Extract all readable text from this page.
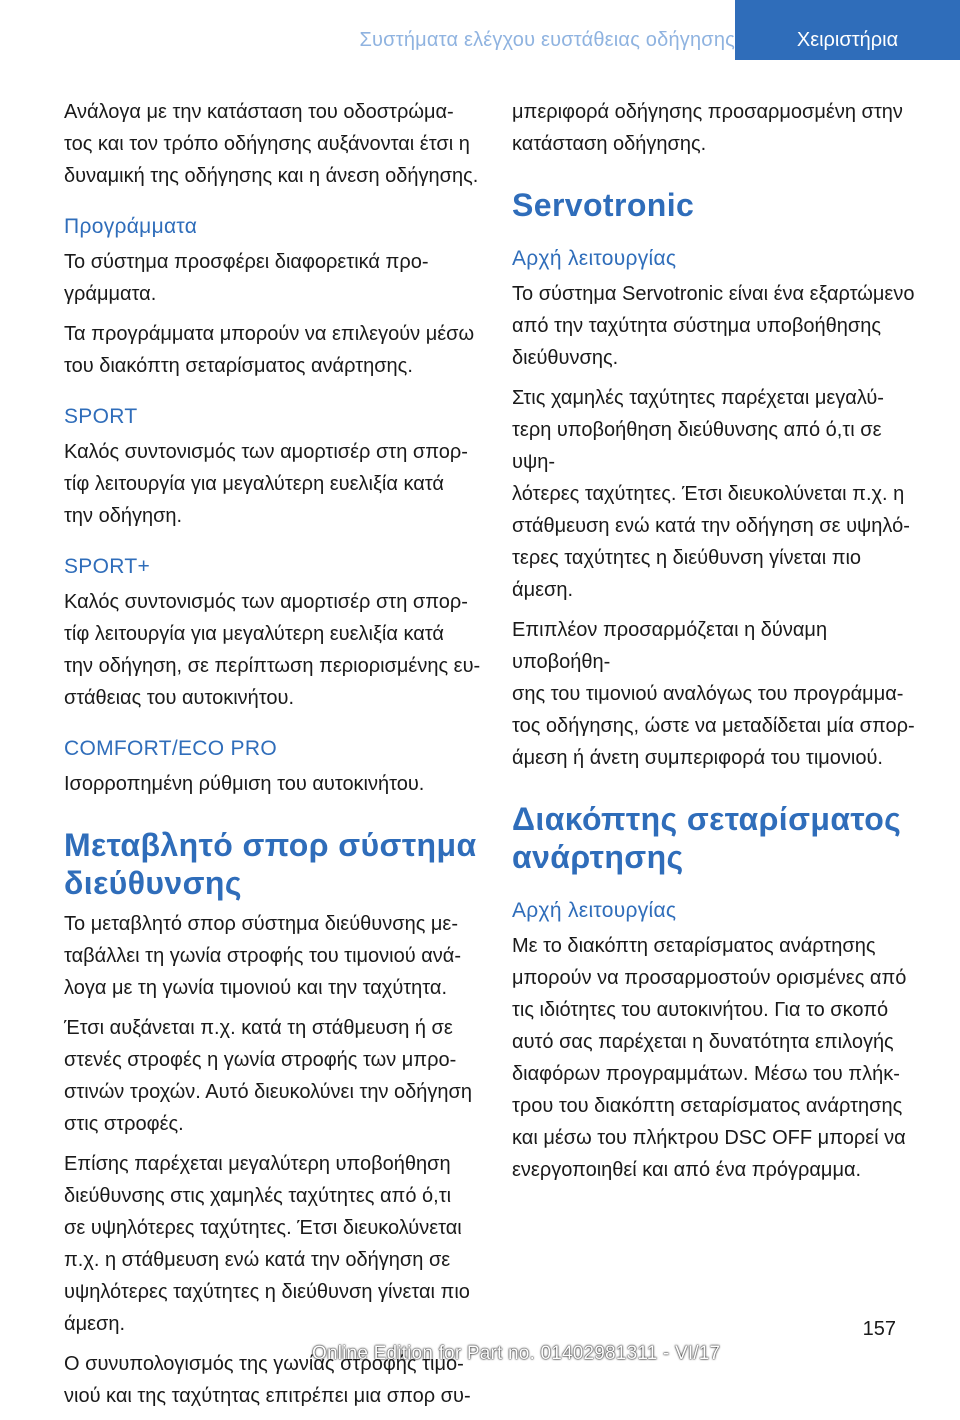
Συστήματα ελέγχου ευστάθειας οδήγησης	Χειριστήρια

Ανάλογα με την κατάσταση του οδοστρώμα-
τος και τον τρόπο οδήγησης αυξάνονται έτσι η
δυναμική της οδήγησης και η άνεση οδήγησης.

Προγράμματα

Το σύστημα προσφέρει διαφορετικά προ-
γράμματα.

Τα προγράμματα μπορούν να επιλεγούν μέσω
του διακόπτη σεταρίσματος ανάρτησης.

SPORT

Καλός συντονισμός των αμορτισέρ στη σπορ-
τίφ λειτουργία για μεγαλύτερη ευελιξία κατά
την οδήγηση.

SPORT+

Καλός συντονισμός των αμορτισέρ στη σπορ-
τίφ λειτουργία για μεγαλύτερη ευελιξία κατά
την οδήγηση, σε περίπτωση περιορισμένης ευ-
στάθειας του αυτοκινήτου.

COMFORT/ECO PRO

Ισορροπημένη ρύθμιση του αυτοκινήτου.

Μεταβλητό σπορ σύστημα
διεύθυνσης

Το μεταβλητό σπορ σύστημα διεύθυνσης με-
ταβάλλει τη γωνία στροφής του τιμονιού ανά-
λογα με τη γωνία τιμονιού και την ταχύτητα.

Έτσι αυξάνεται π.χ. κατά τη στάθμευση ή σε
στενές στροφές η γωνία στροφής των μπρο-
στινών τροχών. Αυτό διευκολύνει την οδήγηση
στις στροφές.

Επίσης παρέχεται μεγαλύτερη υποβοήθηση
διεύθυνσης στις χαμηλές ταχύτητες από ό,τι
σε υψηλότερες ταχύτητες. Έτσι διευκολύνεται
π.χ. η στάθμευση ενώ κατά την οδήγηση σε
υψηλότερες ταχύτητες η διεύθυνση γίνεται πιο
άμεση.

Ο συνυπολογισμός της γωνίας στροφής τιμο-
νιού και της ταχύτητας επιτρέπει μια σπορ συ-

μπεριφορά οδήγησης προσαρμοσμένη στην
κατάσταση οδήγησης.

Servotronic
Αρχή λειτουργίας

Το σύστημα Servotronic είναι ένα εξαρτώμενο
από την ταχύτητα σύστημα υποβοήθησης
διεύθυνσης.

Στις χαμηλές ταχύτητες παρέχεται μεγαλύ-
τερη υποβοήθηση διεύθυνσης από ό,τι σε υψη-
λότερες ταχύτητες. Έτσι διευκολύνεται π.χ. η
στάθμευση ενώ κατά την οδήγηση σε υψηλό-
τερες ταχύτητες η διεύθυνση γίνεται πιο
άμεση.

Επιπλέον προσαρμόζεται η δύναμη υποβοήθη-
σης του τιμονιού αναλόγως του προγράμμα-
τος οδήγησης, ώστε να μεταδίδεται μία σπορ-
άμεση ή άνετη συμπεριφορά του τιμονιού.

Διακόπτης σεταρίσματος
ανάρτησης
Αρχή λειτουργίας

Με το διακόπτη σεταρίσματος ανάρτησης
μπορούν να προσαρμοστούν ορισμένες από
τις ιδιότητες του αυτοκινήτου. Για το σκοπό
αυτό σας παρέχεται η δυνατότητα επιλογής
διαφόρων προγραμμάτων. Μέσω του πλήκ-
τρου του διακόπτη σεταρίσματος ανάρτησης
και μέσω του πλήκτρου DSC OFF μπορεί να
ενεργοποιηθεί και από ένα πρόγραμμα.

157
Online Edition for Part no. 01402981311 - VI/17
